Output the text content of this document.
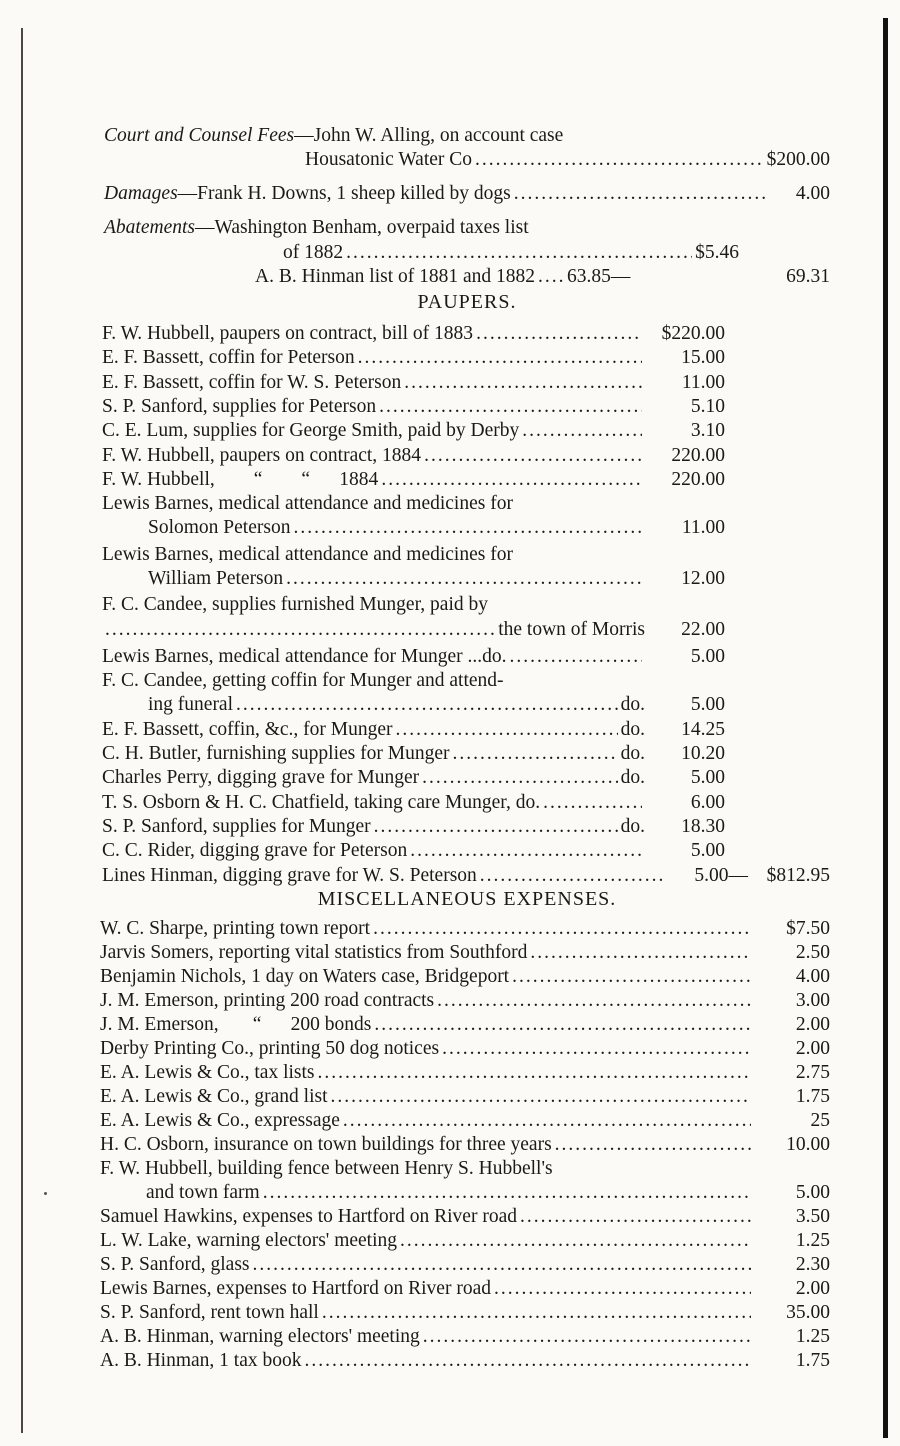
Court and Counsel Fees—John W. Alling, on account case
Housatonic Water Co .....	$200.00
Damages—Frank H. Downs, 1 sheep killed by dogs .....	4.00
Abatements—Washington Benham, overpaid taxes list
of 1882 .....	$5.46
A. B. Hinman list of 1881 and 1882 ..... 63.85—	69.31
PAUPERS.
F. W. Hubbell, paupers on contract, bill of 1883 .....	$220.00
E. F. Bassett, coffin for Peterson .....	15.00
E. F. Bassett, coffin for W. S. Peterson .....	11.00
S. P. Sanford, supplies for Peterson .....	5.10
C. E. Lum, supplies for George Smith, paid by Derby .....	3.10
F. W. Hubbell, paupers on contract, 1884 .....	220.00
F. W. Hubbell,        “        “      1884 .....	220.00
Lewis Barnes, medical attendance and medicines for
Solomon Peterson .....	11.00
Lewis Barnes, medical attendance and medicines for
William Peterson .....	12.00
F. C. Candee, supplies furnished Munger, paid by
.....
the town of Morris	22.00
Lewis Barnes, medical attendance for Munger ...do. .....	5.00
F. C. Candee, getting coffin for Munger and attend-
ing funeral .....	do.	5.00
E. F. Bassett, coffin, &c., for Munger .....	do.	14.25
C. H. Butler, furnishing supplies for Munger .....	do.	10.20
Charles Perry, digging grave for Munger .....	do.	5.00
T. S. Osborn & H. C. Chatfield, taking care Munger, do. .....	6.00
S. P. Sanford, supplies for Munger .....	do.	18.30
C. C. Rider, digging grave for Peterson .....	5.00
Lines Hinman, digging grave for W. S. Peterson .....	5.00— $812.95
MISCELLANEOUS EXPENSES.
W. C. Sharpe, printing town report .....	$7.50
Jarvis Somers, reporting vital statistics from Southford .....	2.50
Benjamin Nichols, 1 day on Waters case, Bridgeport .....	4.00
J. M. Emerson, printing 200 road contracts .....	3.00
J. M. Emerson,       “      200 bonds .....	2.00
Derby Printing Co., printing 50 dog notices .....	2.00
E. A. Lewis & Co., tax lists .....	2.75
E. A. Lewis & Co., grand list .....	1.75
E. A. Lewis & Co., expressage .....	25
H. C. Osborn, insurance on town buildings for three years .....	10.00
F. W. Hubbell, building fence between Henry S. Hubbell's
and town farm .....	5.00
Samuel Hawkins, expenses to Hartford on River road .....	3.50
L. W. Lake, warning electors' meeting .....	1.25
S. P. Sanford, glass .....	2.30
Lewis Barnes, expenses to Hartford on River road .....	2.00
S. P. Sanford, rent town hall .....	35.00
A. B. Hinman, warning electors' meeting .....	1.25
A. B. Hinman, 1 tax book .....	1.75
